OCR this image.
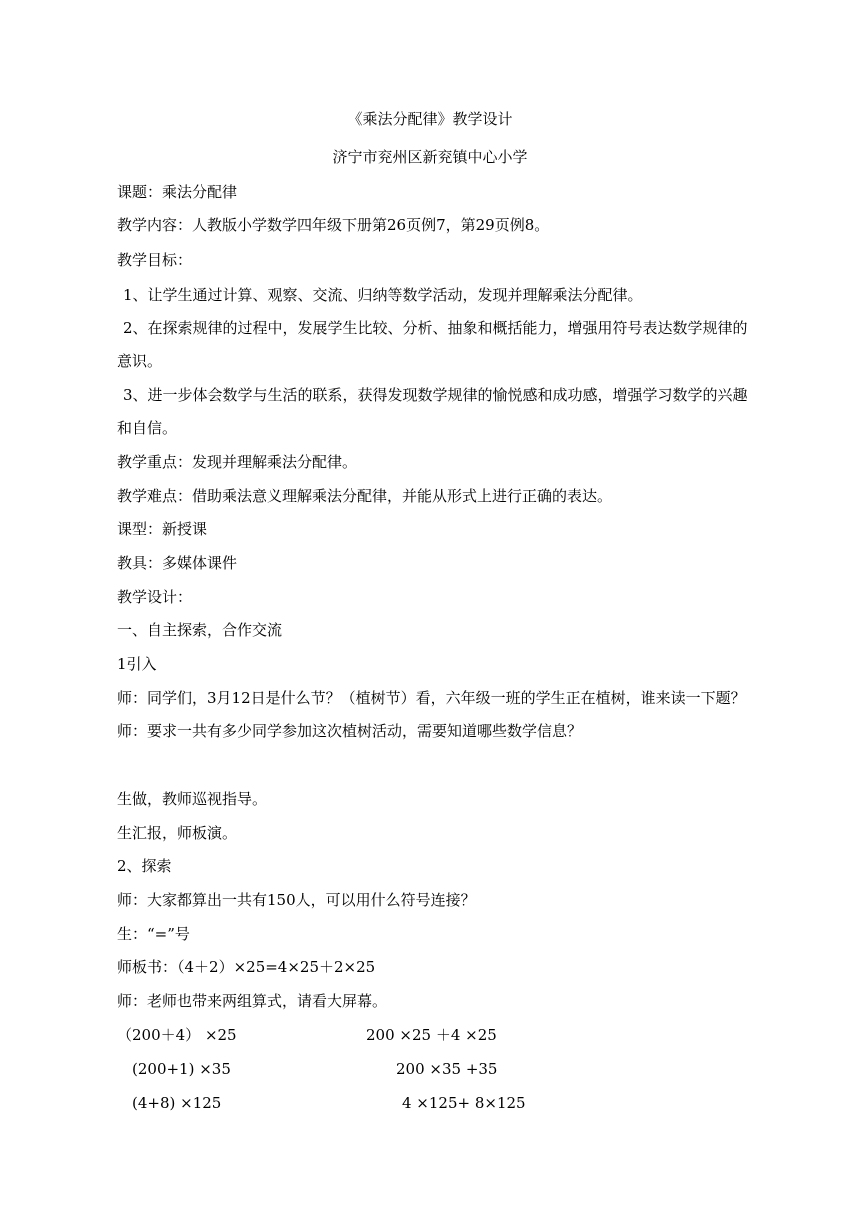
《乘法分配律》教学设计
济宁市兖州区新兖镇中心小学
课题：乘法分配律
教学内容：人教版小学数学四年级下册第26页例7，第29页例8。
教学目标：
1、让学生通过计算、观察、交流、归纳等数学活动，发现并理解乘法分配律。
2、在探索规律的过程中，发展学生比较、分析、抽象和概括能力，增强用符号表达数学规律的
意识。
3、进一步体会数学与生活的联系，获得发现数学规律的愉悦感和成功感，增强学习数学的兴趣
和自信。
教学重点：发现并理解乘法分配律。
教学难点：借助乘法意义理解乘法分配律，并能从形式上进行正确的表达。
课型：新授课
教具：多媒体课件
教学设计：
一、自主探索，合作交流
1引入
师：同学们，3月12日是什么节？（植树节）看，六年级一班的学生正在植树，谁来读一下题？
师：要求一共有多少同学参加这次植树活动，需要知道哪些数学信息？
生做，教师巡视指导。
生汇报，师板演。
2、探索
师：大家都算出一共有150人，可以用什么符号连接？
生：“=”号
师板书：（4＋2）×25=4×25＋2×25
师：老师也带来两组算式，请看大屏幕。
（200＋4） ×25	200 ×25 ＋4 ×25
(200+1) ×35	200 ×35 +35
(4+8) ×125	4 ×125+ 8×125
